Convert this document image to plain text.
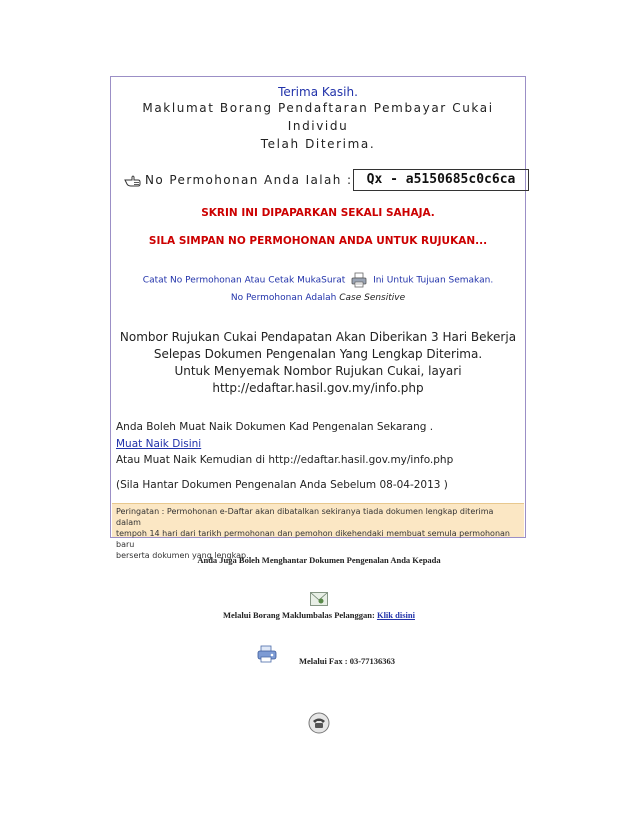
Terima Kasih.
Maklumat Borang Pendaftaran Pembayar Cukai Individu
Telah Diterima.
No Permohonan Anda Ialah :	Qx - a5150685c0c6ca
SKRIN INI DIPAPARKAN SEKALI SAHAJA.
SILA SIMPAN NO PERMOHONAN ANDA UNTUK RUJUKAN...
Catat No Permohonan Atau Cetak MukaSurat	Ini Untuk Tujuan Semakan.
No Permohonan Adalah Case Sensitive
Nombor Rujukan Cukai Pendapatan Akan Diberikan 3 Hari Bekerja
Selepas Dokumen Pengenalan Yang Lengkap Diterima.
Untuk Menyemak Nombor Rujukan Cukai, layari
http://edaftar.hasil.gov.my/info.php
Anda Boleh Muat Naik Dokumen Kad Pengenalan Sekarang .
Muat Naik Disini
Atau Muat Naik Kemudian di http://edaftar.hasil.gov.my/info.php
(Sila Hantar Dokumen Pengenalan Anda Sebelum 08-04-2013 )
Peringatan : Permohonan e-Daftar akan dibatalkan sekiranya tiada dokumen lengkap diterima dalam
tempoh 14 hari dari tarikh permohonan dan pemohon dikehendaki membuat semula permohonan baru
berserta dokumen yang lengkap.
Anda Juga Boleh Menghantar Dokumen Pengenalan Anda Kepada
Melalui Borang Maklumbalas Pelanggan: Klik disini
Melalui Fax : 03-77136363
